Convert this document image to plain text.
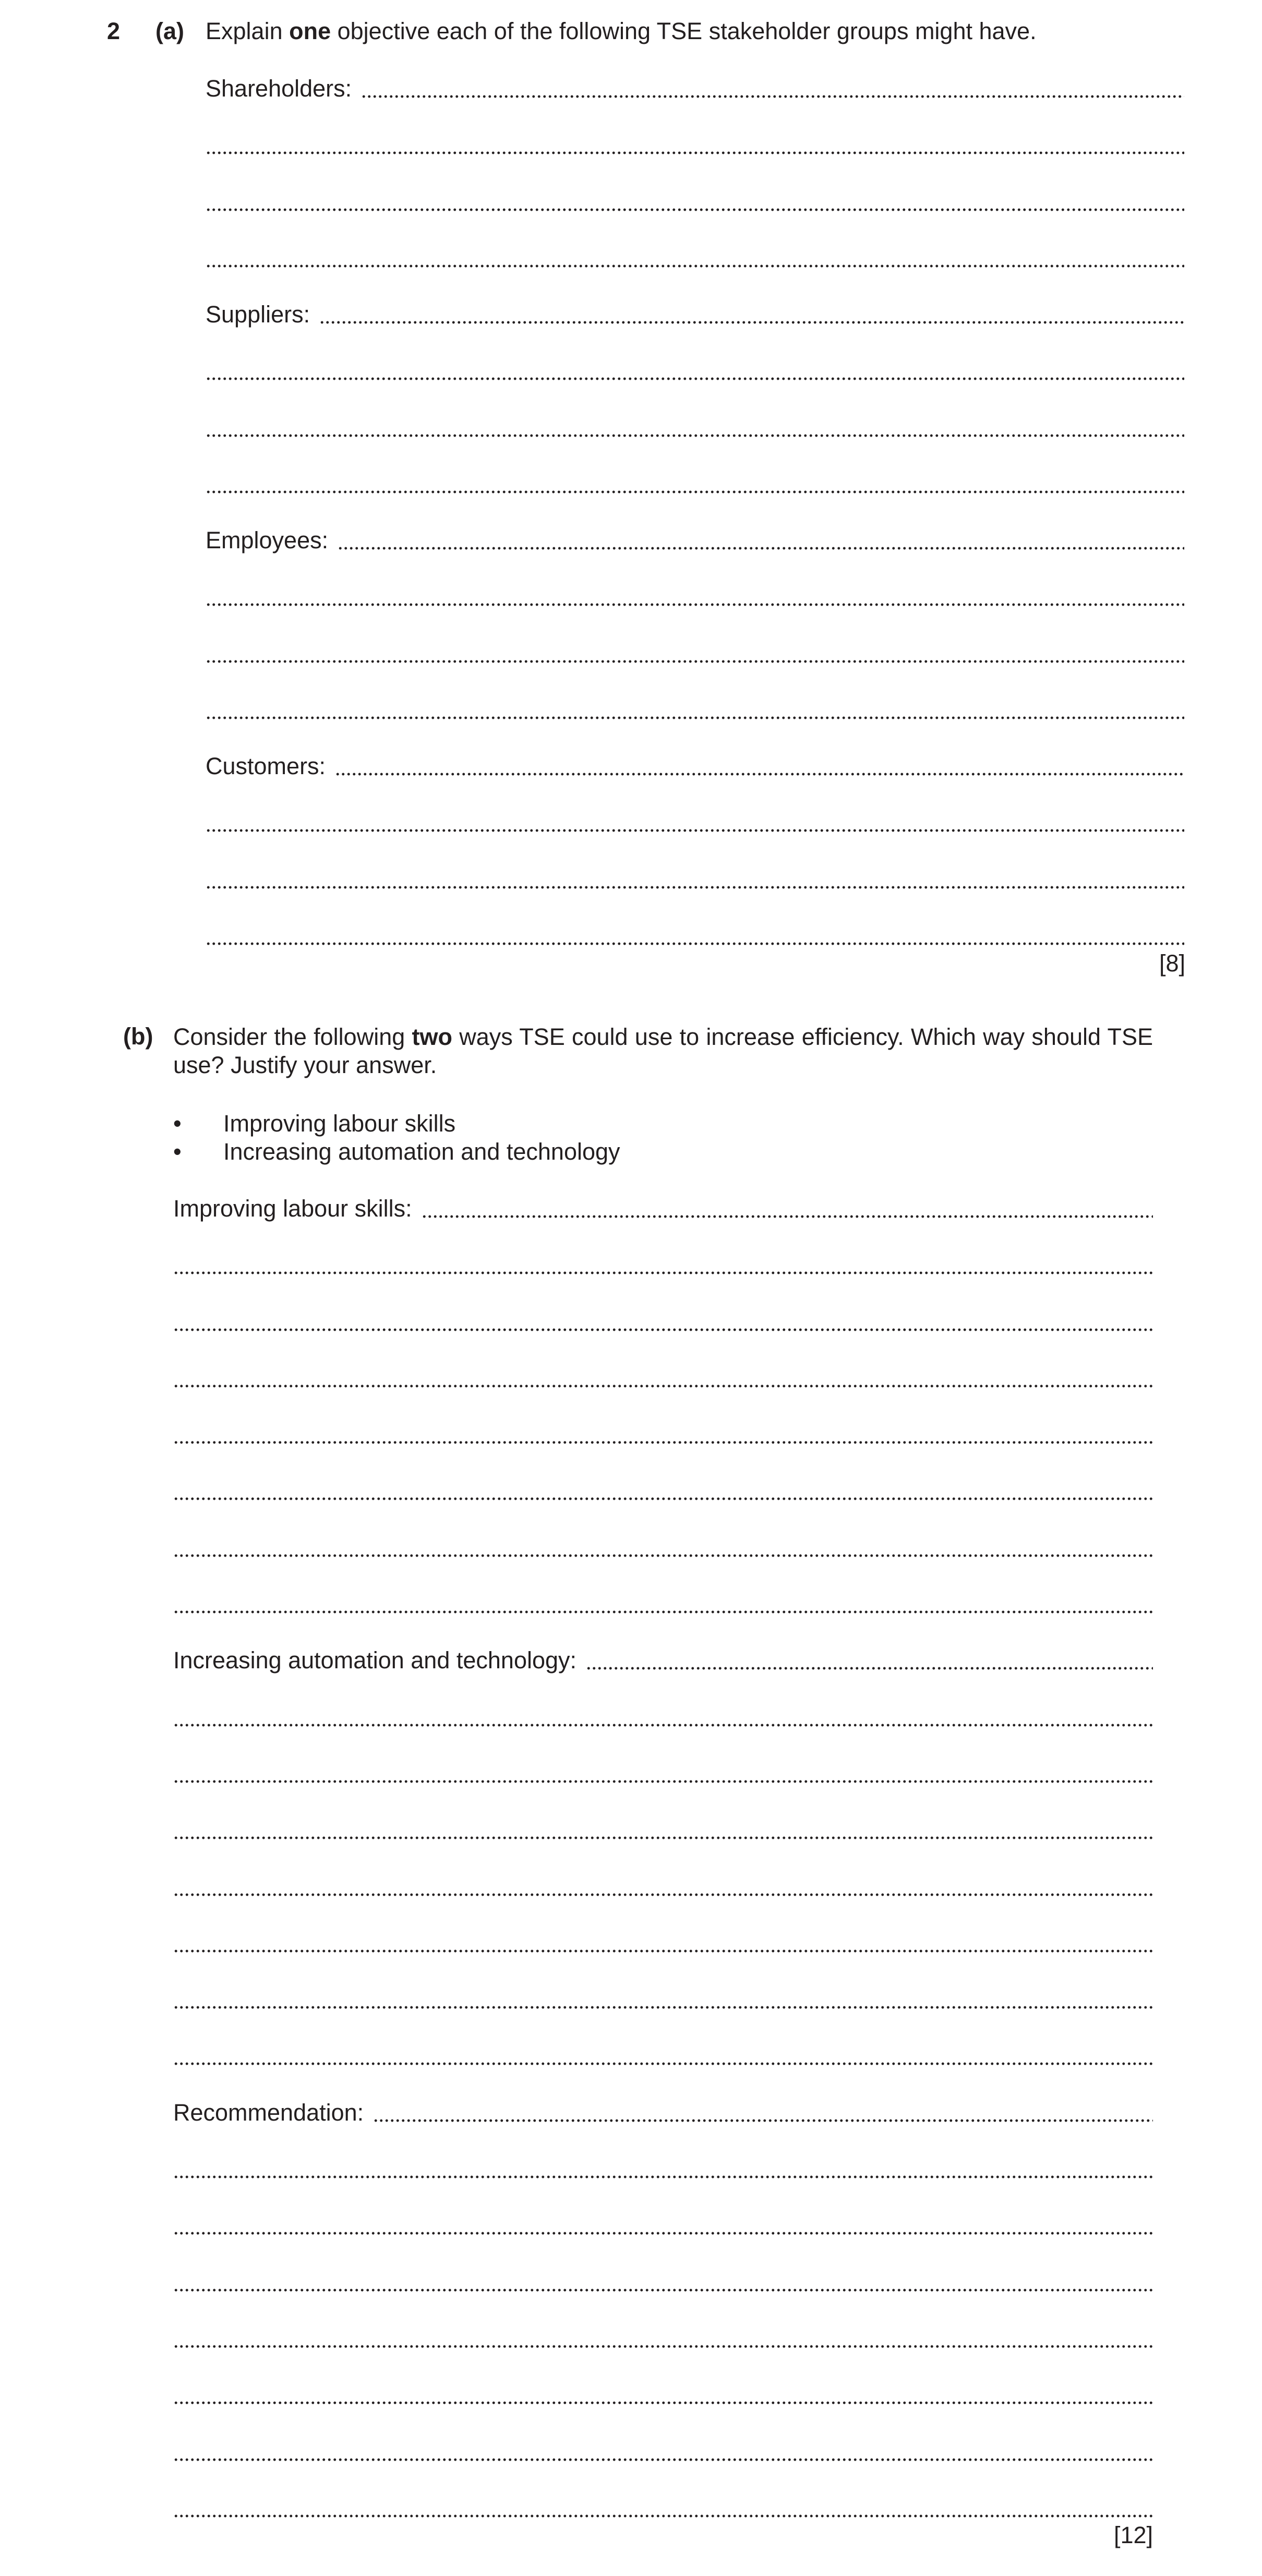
2 (a) Explain one objective each of the following TSE stakeholder groups might have.
Shareholders:
Suppliers:
Employees:
Customers:
[8]
(b) Consider the following two ways TSE could use to increase efficiency. Which way should TSE use? Justify your answer.
• Improving labour skills
• Increasing automation and technology
Improving labour skills:
Increasing automation and technology:
Recommendation:
[12]
